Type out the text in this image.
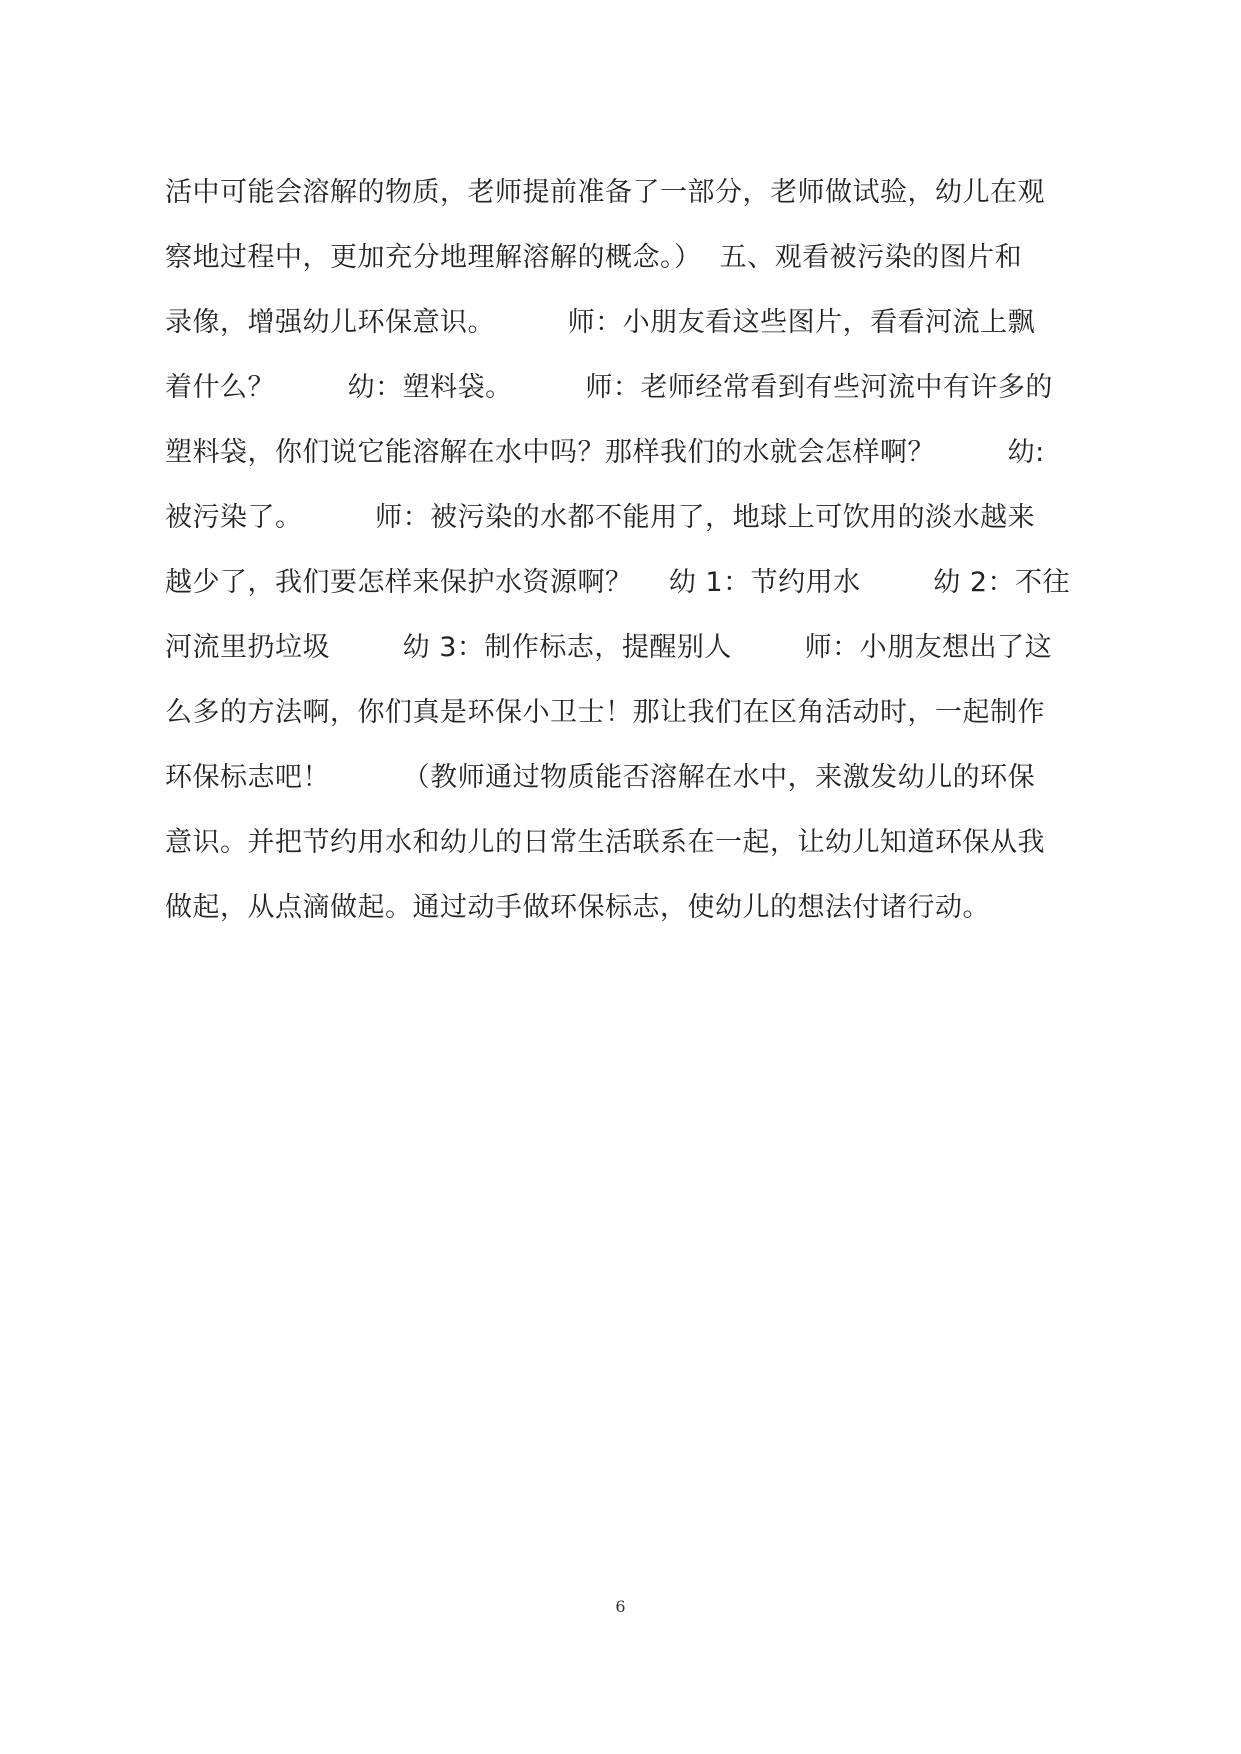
活中可能会溶解的物质，老师提前准备了一部分，老师做试验，幼儿在观
察地过程中，更加充分地理解溶解的概念。）  五、观看被污染的图片和
录像，增强幼儿环保意识。        师：小朋友看这些图片，看看河流上飘
着什么？        幼：塑料袋。        师：老师经常看到有些河流中有许多的
塑料袋，你们说它能溶解在水中吗？那样我们的水就会怎样啊？        幼:
被污染了。        师：被污染的水都不能用了，地球上可饮用的淡水越来
越少了，我们要怎样来保护水资源啊？    幼 1：节约用水        幼 2：不往
河流里扔垃圾        幼 3：制作标志，提醒别人        师：小朋友想出了这
么多的方法啊，你们真是环保小卫士！那让我们在区角活动时，一起制作
环保标志吧！        （教师通过物质能否溶解在水中，来激发幼儿的环保
意识。并把节约用水和幼儿的日常生活联系在一起，让幼儿知道环保从我
做起，从点滴做起。通过动手做环保标志，使幼儿的想法付诸行动。
6
